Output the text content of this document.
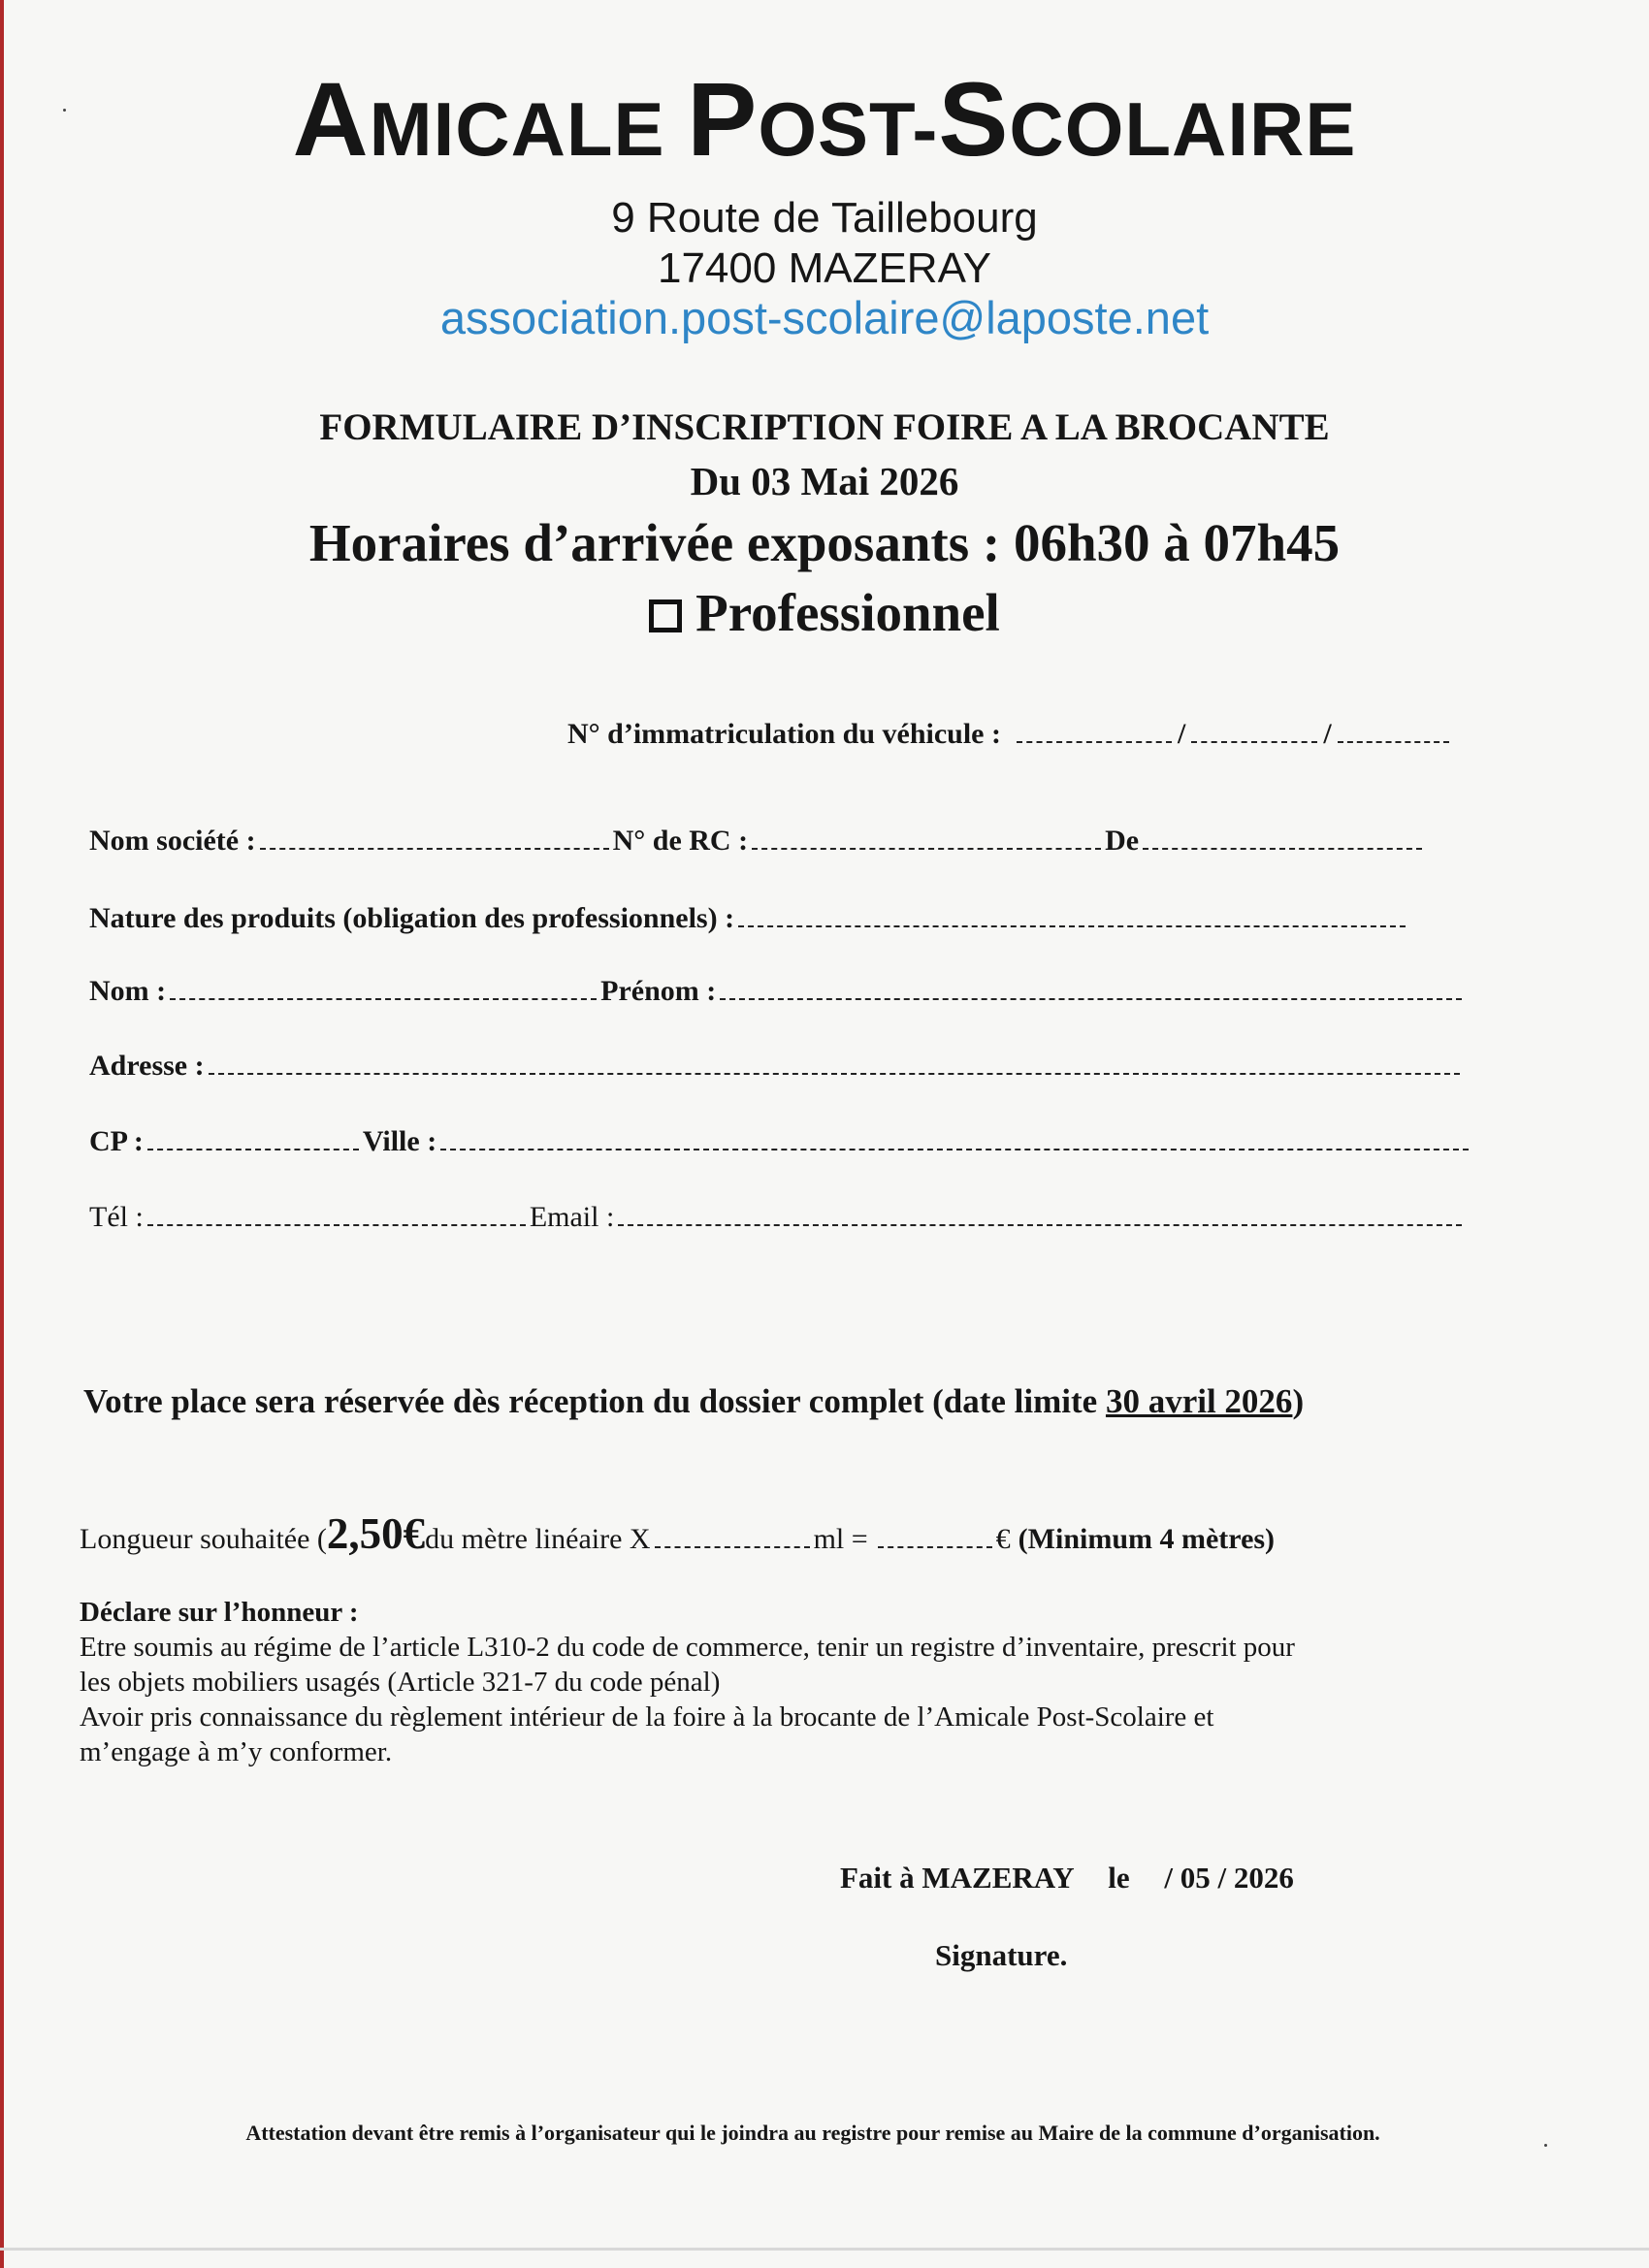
AMICALE POST-SCOLAIRE
9 Route de Taillebourg
17400 MAZERAY
association.post-scolaire@laposte.net
FORMULAIRE D’INSCRIPTION FOIRE A LA BROCANTE
Du 03 Mai 2026
Horaires d’arrivée exposants : 06h30 à 07h45
Professionnel
N° d’immatriculation du véhicule :	/	/
Nom société :	N° de RC :	De
Nature des produits (obligation des professionnels) :
Nom :	Prénom :
Adresse :
CP :	Ville :
Tél :	Email :
Votre place sera réservée dès réception du dossier complet (date limite 30 avril 2026)
Longueur souhaitée ( 2,50€ du mètre linéaire X	ml =	€ (Minimum 4 mètres)
Déclare sur l’honneur :
Etre soumis au régime de l’article L310-2 du code de commerce, tenir un registre d’inventaire, prescrit pour
les objets mobiliers usagés (Article 321-7 du code pénal)
Avoir pris connaissance du règlement intérieur de la foire à la brocante de l’Amicale Post-Scolaire et
m’engage à m’y conformer.
Fait à MAZERAY le / 05 / 2026
Signature.
Attestation devant être remis à l’organisateur qui le joindra au registre pour remise au Maire de la commune d’organisation.
